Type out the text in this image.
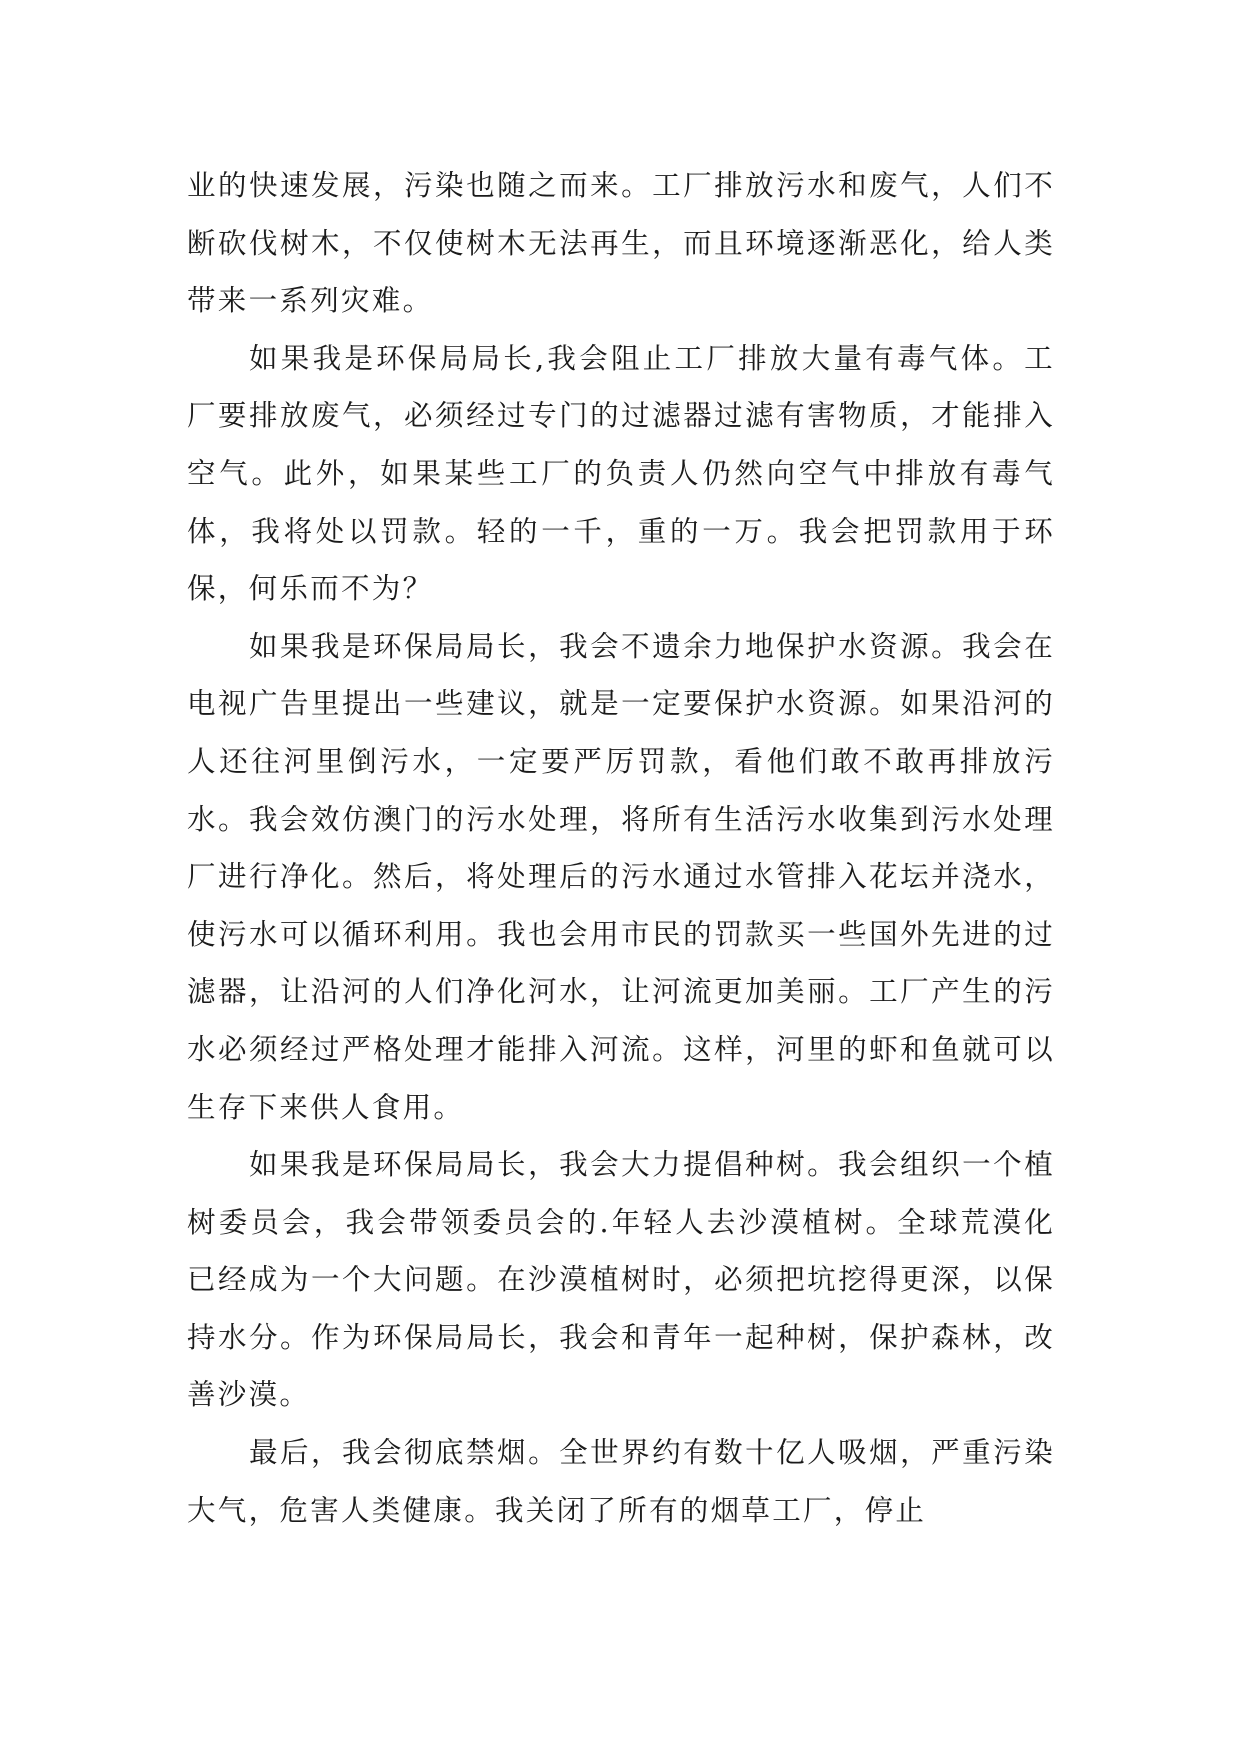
业的快速发展，污染也随之而来。工厂排放污水和废气，人们不断砍伐树木，不仅使树木无法再生，而且环境逐渐恶化，给人类带来一系列灾难。

如果我是环保局局长,我会阻止工厂排放大量有毒气体。工厂要排放废气，必须经过专门的过滤器过滤有害物质，才能排入空气。此外，如果某些工厂的负责人仍然向空气中排放有毒气体，我将处以罚款。轻的一千，重的一万。我会把罚款用于环保，何乐而不为？

如果我是环保局局长，我会不遗余力地保护水资源。我会在电视广告里提出一些建议，就是一定要保护水资源。如果沿河的人还往河里倒污水，一定要严厉罚款，看他们敢不敢再排放污水。我会效仿澳门的污水处理，将所有生活污水收集到污水处理厂进行净化。然后，将处理后的污水通过水管排入花坛并浇水，使污水可以循环利用。我也会用市民的罚款买一些国外先进的过滤器，让沿河的人们净化河水，让河流更加美丽。工厂产生的污水必须经过严格处理才能排入河流。这样，河里的虾和鱼就可以生存下来供人食用。

如果我是环保局局长，我会大力提倡种树。我会组织一个植树委员会，我会带领委员会的.年轻人去沙漠植树。全球荒漠化已经成为一个大问题。在沙漠植树时，必须把坑挖得更深，以保持水分。作为环保局局长，我会和青年一起种树，保护森林，改善沙漠。

最后，我会彻底禁烟。全世界约有数十亿人吸烟，严重污染大气，危害人类健康。我关闭了所有的烟草工厂，停止
